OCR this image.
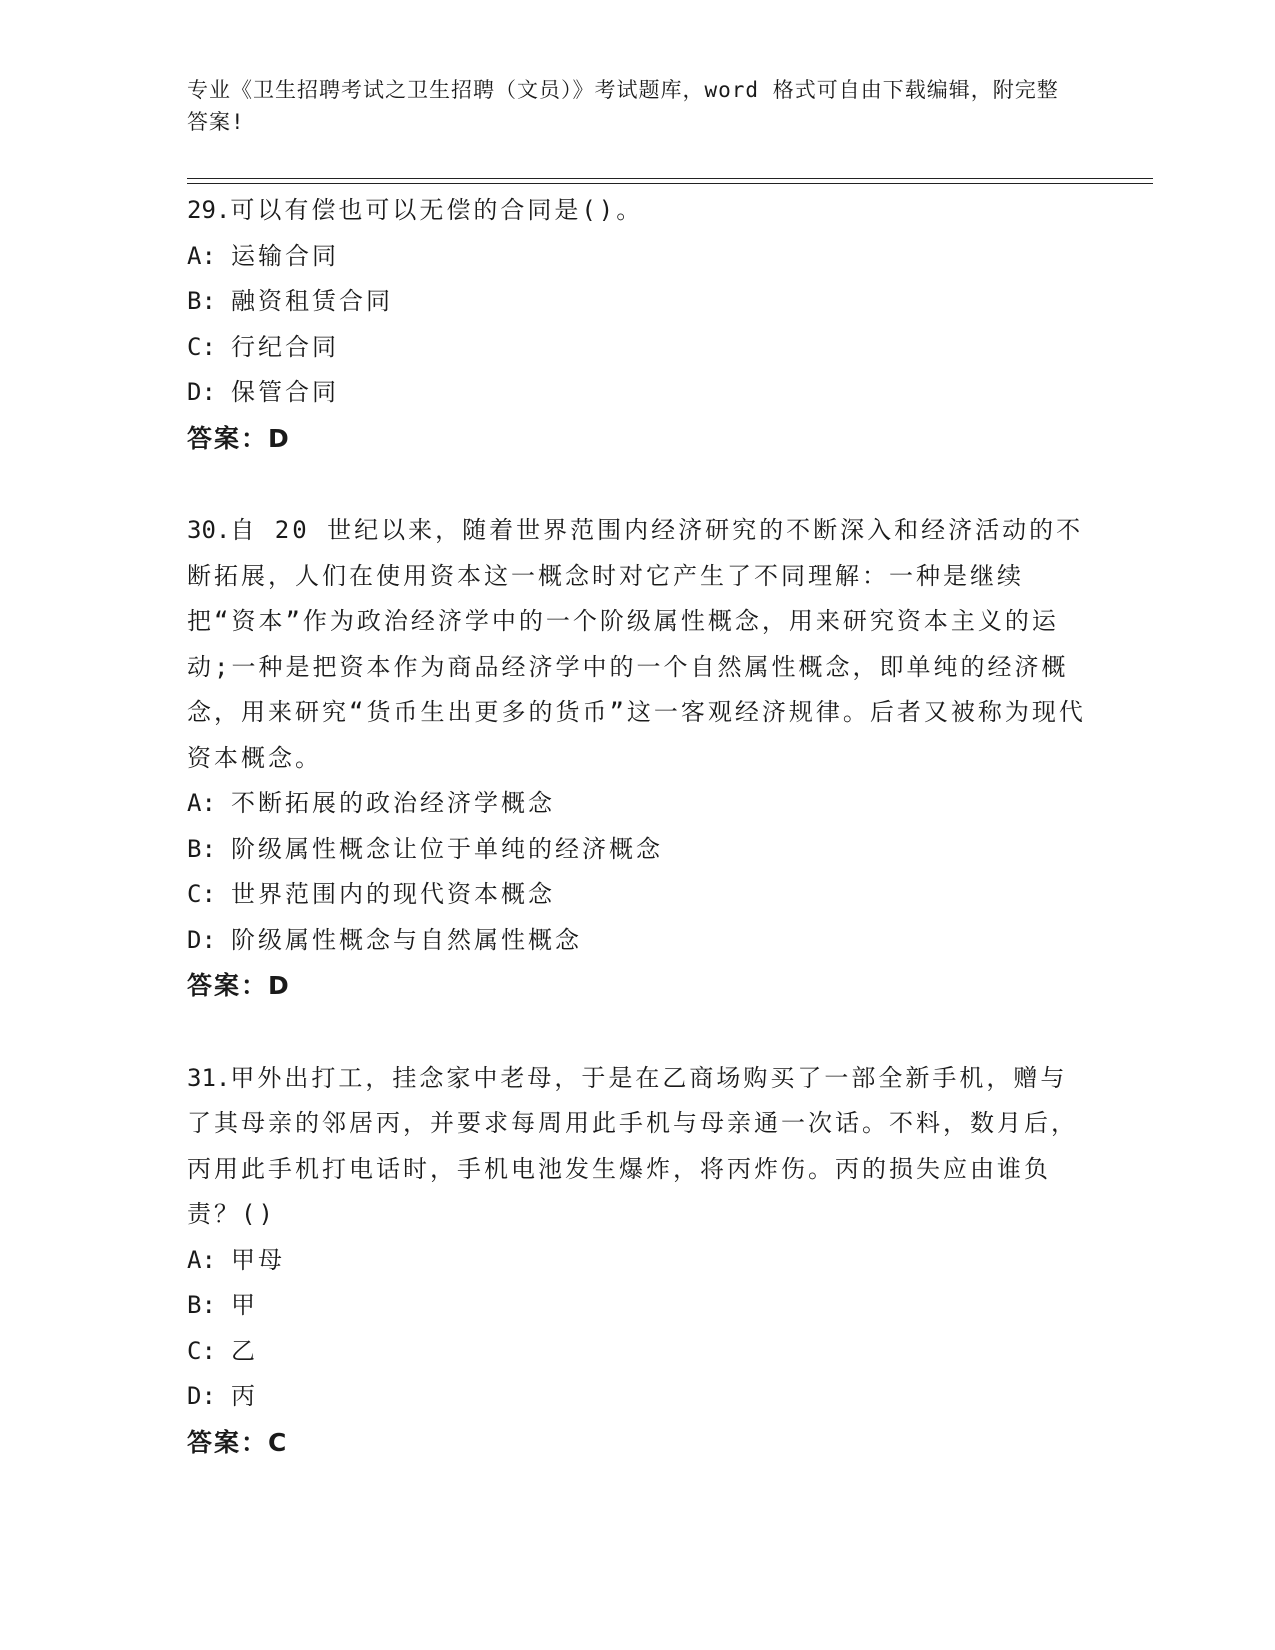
专业《卫生招聘考试之卫生招聘（文员）》考试题库，word 格式可自由下载编辑，附完整答案!

29.可以有偿也可以无偿的合同是()。

A: 运输合同
B: 融资租赁合同
C: 行纪合同
D: 保管合同
答案：D

30.自 20 世纪以来，随着世界范围内经济研究的不断深入和经济活动的不断拓展，人们在使用资本这一概念时对它产生了不同理解：一种是继续把“资本”作为政治经济学中的一个阶级属性概念，用来研究资本主义的运动;一种是把资本作为商品经济学中的一个自然属性概念，即单纯的经济概念，用来研究“货币生出更多的货币”这一客观经济规律。后者又被称为现代资本概念。

A: 不断拓展的政治经济学概念
B: 阶级属性概念让位于单纯的经济概念
C: 世界范围内的现代资本概念
D: 阶级属性概念与自然属性概念
答案：D

31.甲外出打工，挂念家中老母，于是在乙商场购买了一部全新手机，赠与了其母亲的邻居丙，并要求每周用此手机与母亲通一次话。不料，数月后，丙用此手机打电话时，手机电池发生爆炸，将丙炸伤。丙的损失应由谁负责？()

A: 甲母
B: 甲
C: 乙
D: 丙
答案：C
